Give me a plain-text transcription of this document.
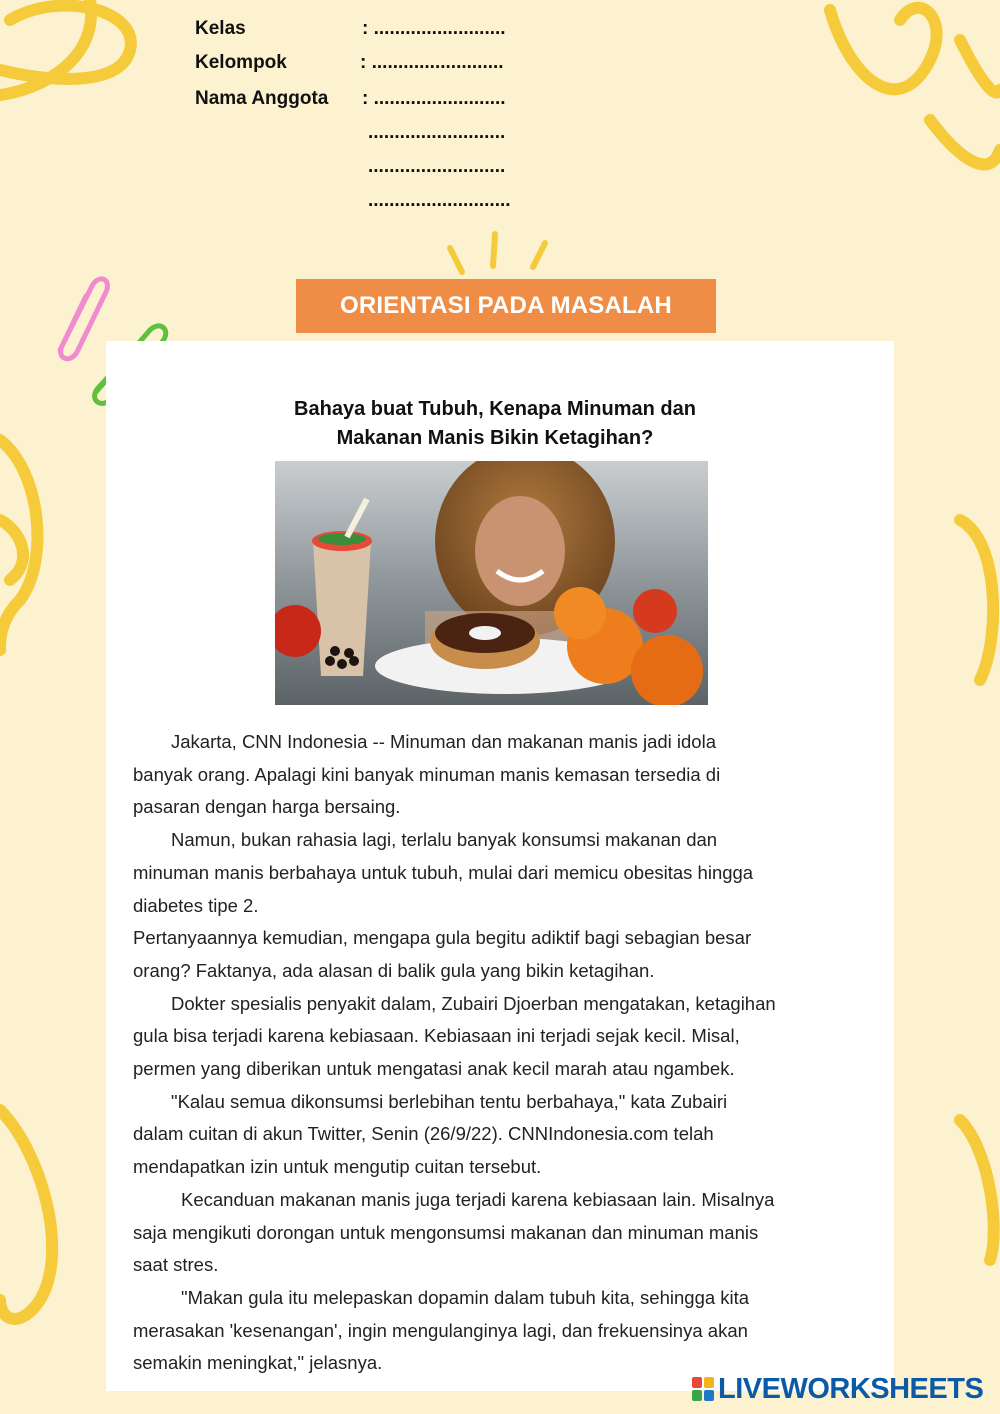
Kelas	: .........................
Kelompok	: .........................
Nama Anggota : .........................
..........................
..........................
...........................
ORIENTASI PADA MASALAH
Bahaya buat Tubuh, Kenapa Minuman dan
Makanan Manis Bikin Ketagihan?

Jakarta, CNN Indonesia -- Minuman dan makanan manis jadi idola

banyak orang. Apalagi kini banyak minuman manis kemasan tersedia di

pasaran dengan harga bersaing.

Namun, bukan rahasia lagi, terlalu banyak konsumsi makanan dan

minuman manis berbahaya untuk tubuh, mulai dari memicu obesitas hingga

diabetes tipe 2.

Pertanyaannya kemudian, mengapa gula begitu adiktif bagi sebagian besar

orang? Faktanya, ada alasan di balik gula yang bikin ketagihan.

Dokter spesialis penyakit dalam, Zubairi Djoerban mengatakan, ketagihan

gula bisa terjadi karena kebiasaan. Kebiasaan ini terjadi sejak kecil. Misal,

permen yang diberikan untuk mengatasi anak kecil marah atau ngambek.

"Kalau semua dikonsumsi berlebihan tentu berbahaya," kata Zubairi

dalam cuitan di akun Twitter, Senin (26/9/22). CNNIndonesia.com telah

mendapatkan izin untuk mengutip cuitan tersebut.

Kecanduan makanan manis juga terjadi karena kebiasaan lain. Misalnya

saja mengikuti dorongan untuk mengonsumsi makanan dan minuman manis

saat stres.

"Makan gula itu melepaskan dopamin dalam tubuh kita, sehingga kita

merasakan 'kesenangan', ingin mengulanginya lagi, dan frekuensinya akan

semakin meningkat," jelasnya.

LIVEWORKSHEETS
